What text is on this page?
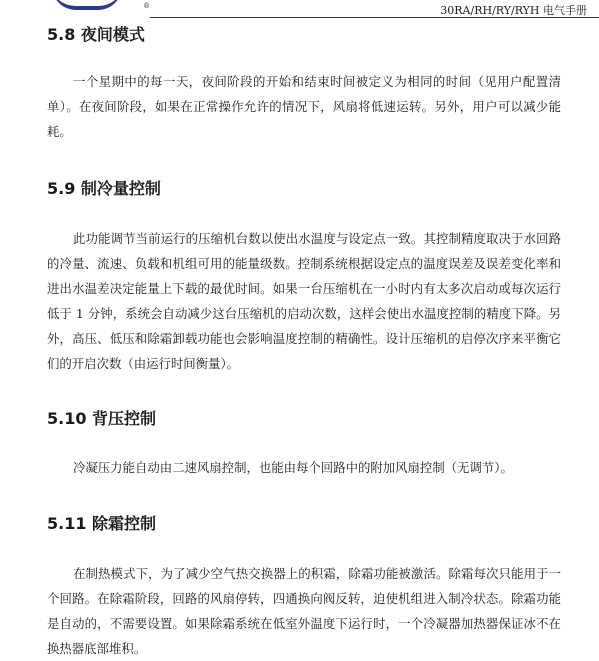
®	30RA/RH/RY/RYH 电气手册
5.8 夜间模式

一个星期中的每一天，夜间阶段的开始和结束时间被定义为相同的时间（见用户配置清单）。在夜间阶段，如果在正常操作允许的情况下，风扇将低速运转。另外，用户可以减少能耗。

5.9 制冷量控制

此功能调节当前运行的压缩机台数以使出水温度与设定点一致。其控制精度取决于水回路的冷量、流速、负载和机组可用的能量级数。控制系统根据设定点的温度误差及误差变化率和进出水温差决定能量上下载的最优时间。如果一台压缩机在一小时内有太多次启动或每次运行低于 1 分钟，系统会自动减少这台压缩机的启动次数，这样会使出水温度控制的精度下降。另外，高压、低压和除霜卸载功能也会影响温度控制的精确性。设计压缩机的启停次序来平衡它们的开启次数（由运行时间衡量）。

5.10 背压控制

冷凝压力能自动由二速风扇控制，也能由每个回路中的附加风扇控制（无调节）。

5.11 除霜控制

在制热模式下，为了减少空气热交换器上的积霜，除霜功能被激活。除霜每次只能用于一个回路。在除霜阶段，回路的风扇停转，四通换向阀反转，迫使机组进入制冷状态。除霜功能是自动的，不需要设置。如果除霜系统在低室外温度下运行时，一个冷凝器加热器保证冰不在换热器底部堆积。
